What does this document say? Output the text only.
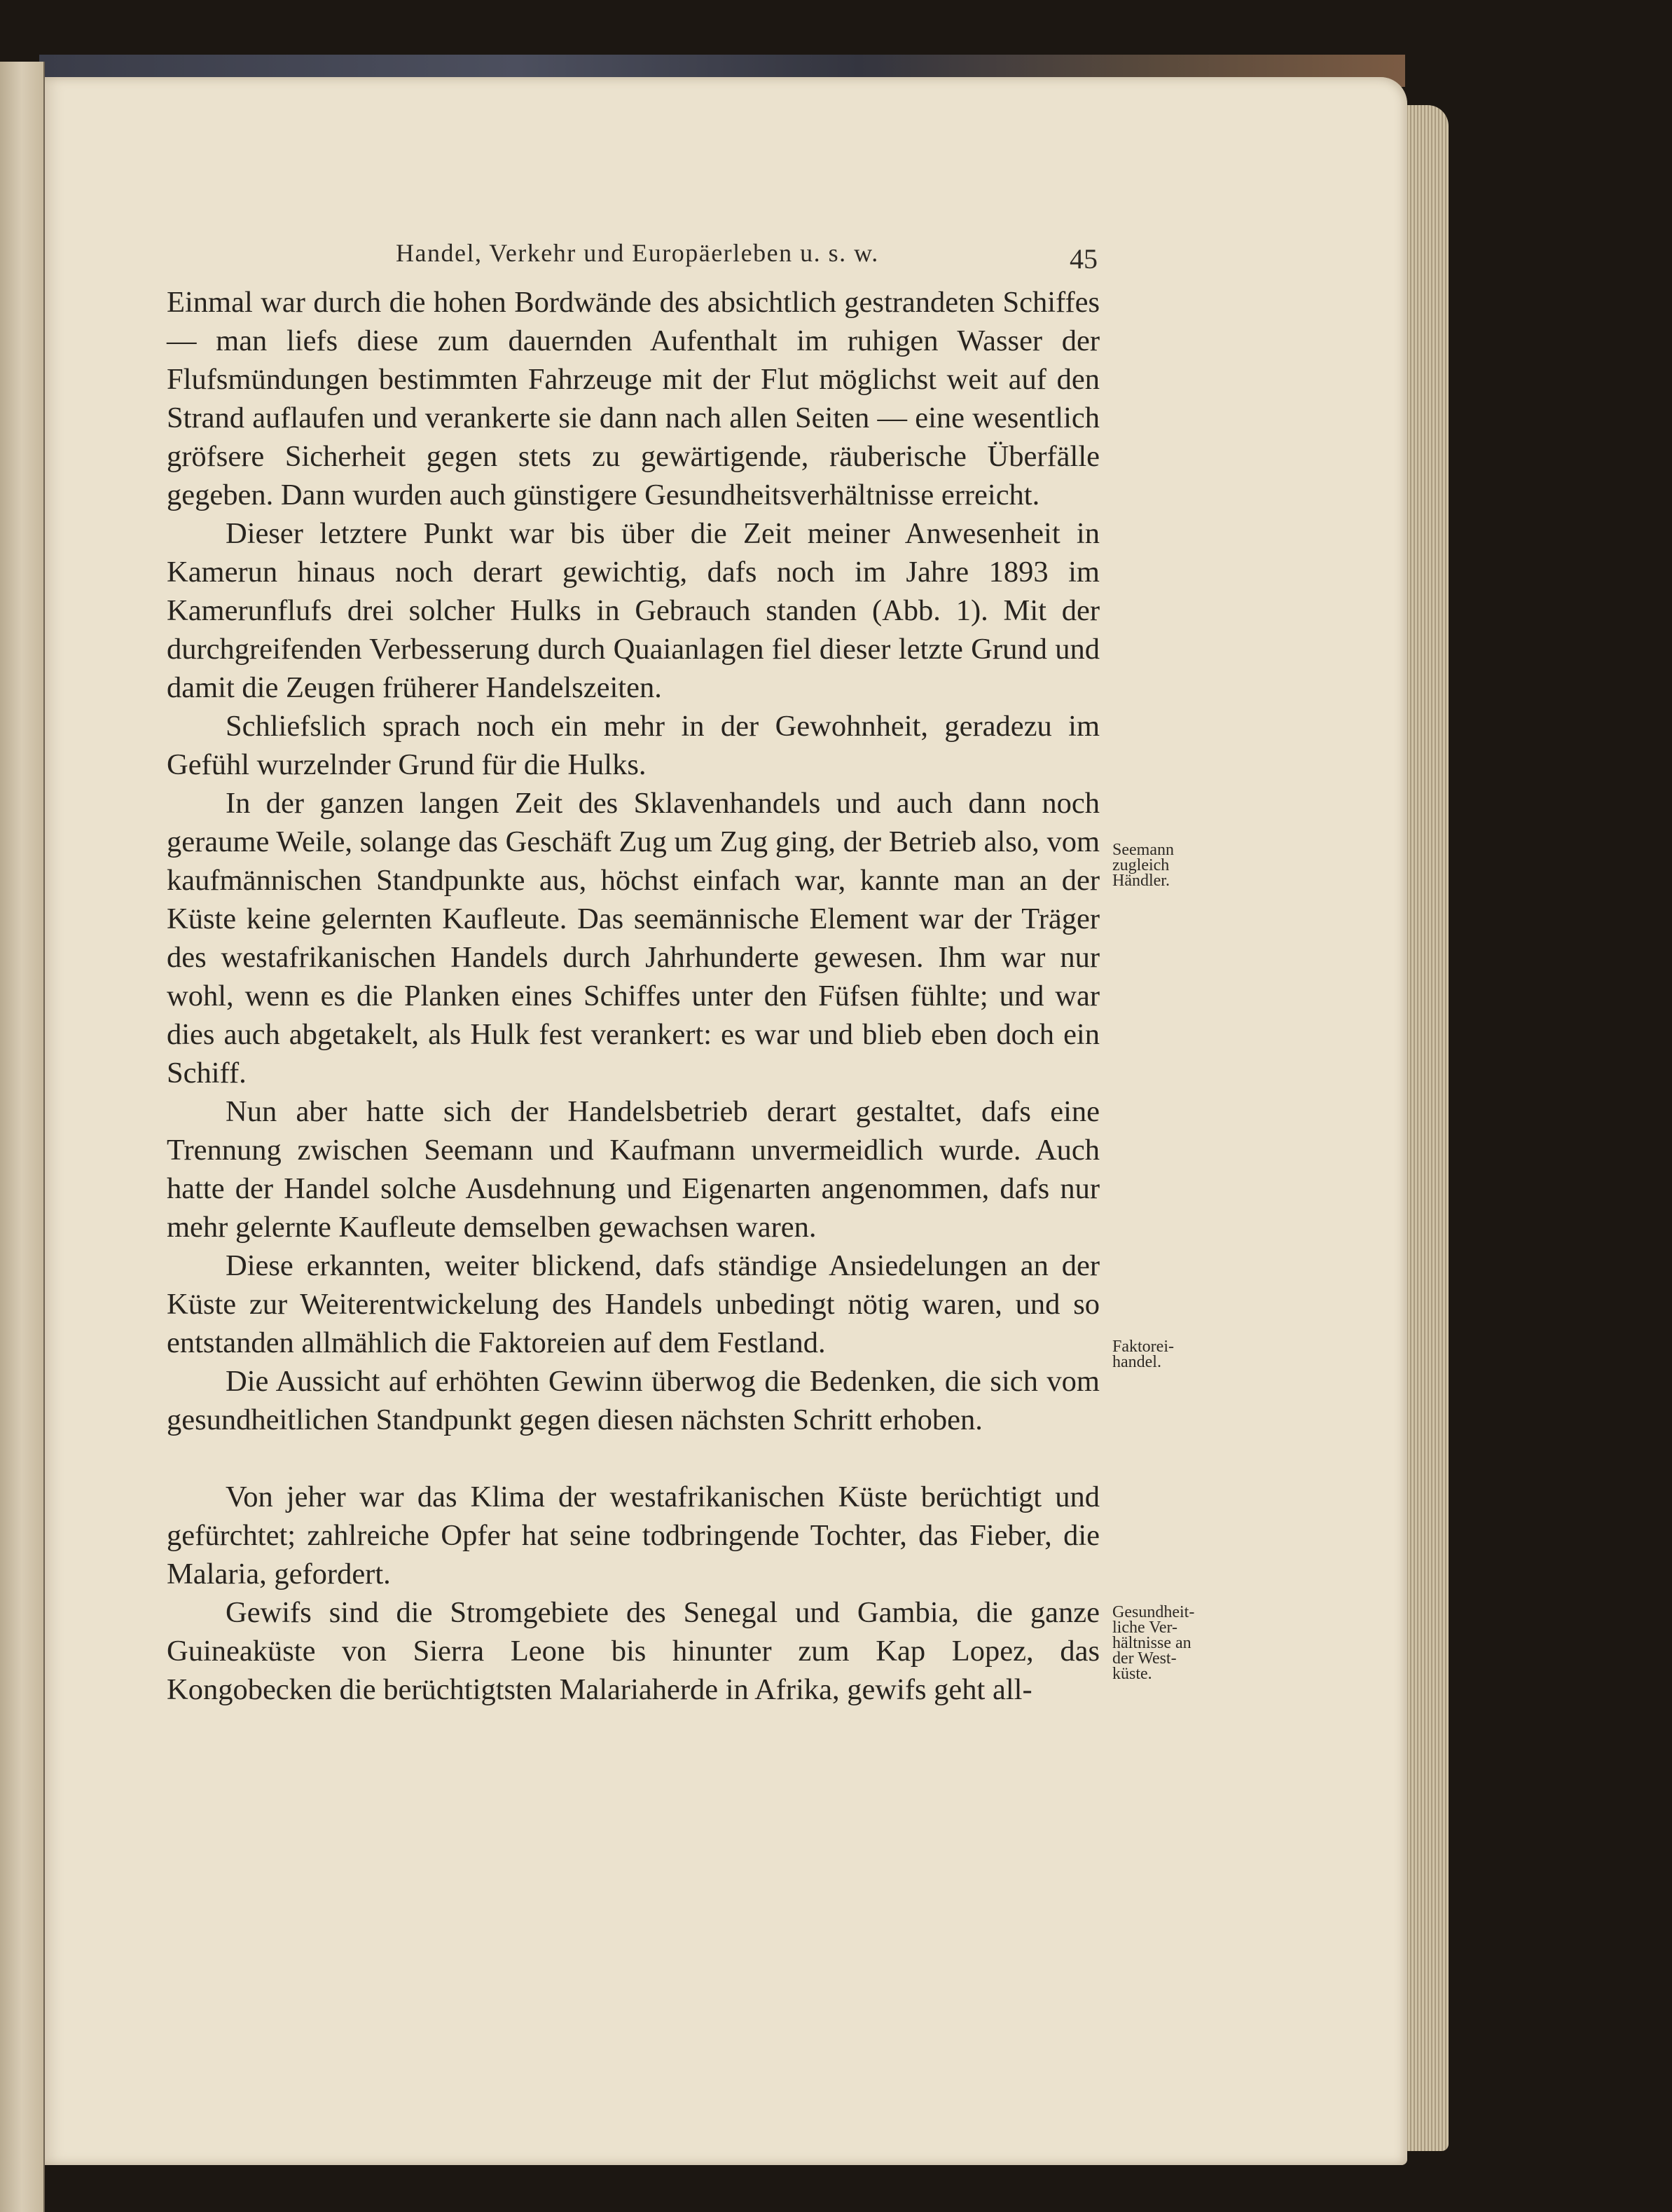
Handel, Verkehr und Europäerleben u. s. w.	45

Einmal war durch die hohen Bordwände des absichtlich gestrandeten Schiffes — man liefs diese zum dauernden Aufenthalt im ruhigen Wasser der Flufsmündungen bestimmten Fahrzeuge mit der Flut möglichst weit auf den Strand auflaufen und verankerte sie dann nach allen Seiten — eine wesentlich gröfsere Sicherheit gegen stets zu gewärtigende, räuberische Überfälle gegeben. Dann wurden auch günstigere Gesundheitsverhältnisse erreicht.

Dieser letztere Punkt war bis über die Zeit meiner Anwesenheit in Kamerun hinaus noch derart gewichtig, dafs noch im Jahre 1893 im Kamerunflufs drei solcher Hulks in Gebrauch standen (Abb. 1). Mit der durchgreifenden Verbesserung durch Quaianlagen fiel dieser letzte Grund und damit die Zeugen früherer Handelszeiten.

Schliefslich sprach noch ein mehr in der Gewohnheit, geradezu im Gefühl wurzelnder Grund für die Hulks.

In der ganzen langen Zeit des Sklavenhandels und auch dann noch geraume Weile, solange das Geschäft Zug um Zug ging, der Betrieb also, vom kaufmännischen Standpunkte aus, höchst einfach war, kannte man an der Küste keine gelernten Kaufleute. Das seemännische Element war der Träger des westafrikanischen Handels durch Jahrhunderte gewesen. Ihm war nur wohl, wenn es die Planken eines Schiffes unter den Füfsen fühlte; und war dies auch abgetakelt, als Hulk fest verankert: es war und blieb eben doch ein Schiff.

Nun aber hatte sich der Handelsbetrieb derart gestaltet, dafs eine Trennung zwischen Seemann und Kaufmann unvermeidlich wurde. Auch hatte der Handel solche Ausdehnung und Eigenarten angenommen, dafs nur mehr gelernte Kaufleute demselben gewachsen waren.

Diese erkannten, weiter blickend, dafs ständige Ansiedelungen an der Küste zur Weiterentwickelung des Handels unbedingt nötig waren, und so entstanden allmählich die Faktoreien auf dem Festland.

Die Aussicht auf erhöhten Gewinn überwog die Bedenken, die sich vom gesundheitlichen Standpunkt gegen diesen nächsten Schritt erhoben.

Von jeher war das Klima der westafrikanischen Küste berüchtigt und gefürchtet; zahlreiche Opfer hat seine todbringende Tochter, das Fieber, die Malaria, gefordert.

Gewifs sind die Stromgebiete des Senegal und Gambia, die ganze Guineaküste von Sierra Leone bis hinunter zum Kap Lopez, das Kongobecken die berüchtigtsten Malariaherde in Afrika, gewifs geht all-

Seemann
zugleich
Händler.
Faktorei-
handel.
Gesundheit-
liche Ver-
hältnisse an
der West-
küste.
